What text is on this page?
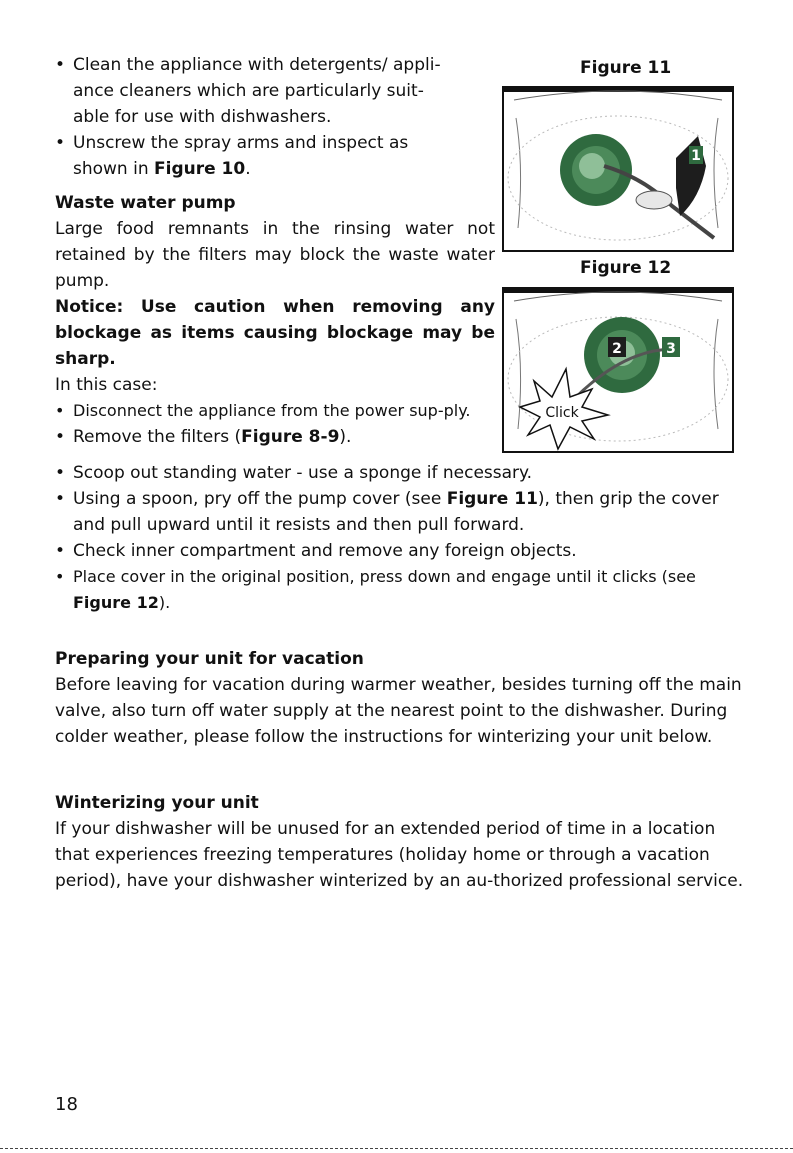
• Clean the appliance with detergents/ appli-
ance cleaners which are particularly suit-
able for use with dishwashers.
• Unscrew the spray arms and inspect as
shown in Figure 10.
Waste water pump

Large food remnants in the rinsing water not retained by the filters may block the waste water pump.

Notice: Use caution when removing any blockage as items causing blockage may be sharp.

In this case:

• Disconnect the appliance from the power sup-ply.
• Remove the filters (Figure 8-9).
Figure 11
1
Figure 12
2	3
Click
• Scoop out standing water - use a sponge if necessary.
• Using a spoon, pry off the pump cover (see Figure 11), then grip the cover and pull upward until it resists and then pull forward.
• Check inner compartment and remove any foreign objects.
• Place cover in the original position, press down and engage until it clicks (see Figure 12).
Preparing your unit for vacation

Before leaving for vacation during warmer weather, besides turning off the main valve, also turn off water supply at the nearest point to the dishwasher. During colder weather, please follow the instructions for winterizing your unit below.

Winterizing your unit

If your dishwasher will be unused for an extended period of time in a location that experiences freezing temperatures (holiday home or through a vacation period), have your dishwasher winterized by an au-thorized professional service.

18
